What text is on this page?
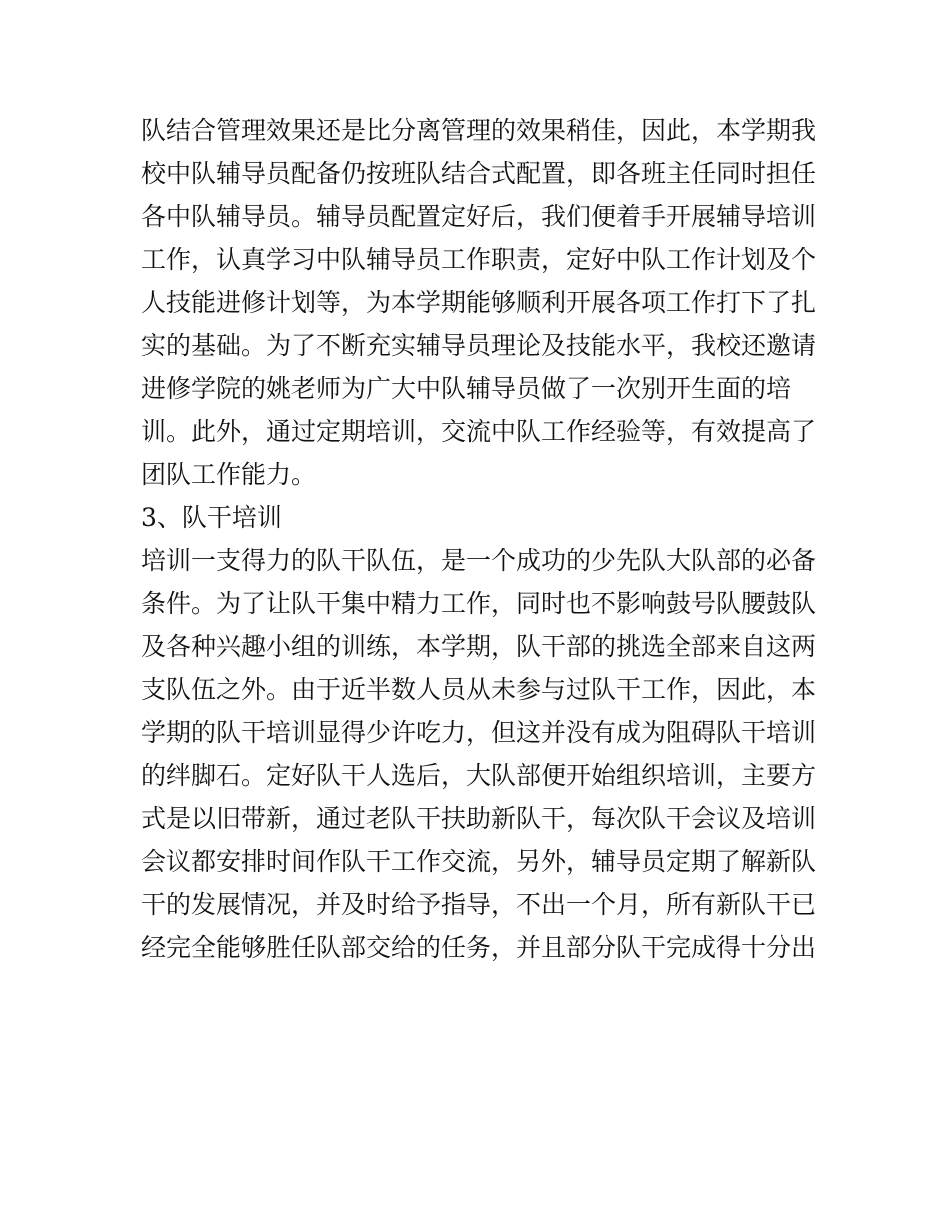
队结合管理效果还是比分离管理的效果稍佳，因此，本学期我
校中队辅导员配备仍按班队结合式配置，即各班主任同时担任
各中队辅导员。辅导员配置定好后，我们便着手开展辅导培训
工作，认真学习中队辅导员工作职责，定好中队工作计划及个
人技能进修计划等，为本学期能够顺利开展各项工作打下了扎
实的基础。为了不断充实辅导员理论及技能水平，我校还邀请
进修学院的姚老师为广大中队辅导员做了一次别开生面的培
训。此外，通过定期培训，交流中队工作经验等，有效提高了
团队工作能力。
3、队干培训
培训一支得力的队干队伍，是一个成功的少先队大队部的必备
条件。为了让队干集中精力工作，同时也不影响鼓号队腰鼓队
及各种兴趣小组的训练，本学期，队干部的挑选全部来自这两
支队伍之外。由于近半数人员从未参与过队干工作，因此，本
学期的队干培训显得少许吃力，但这并没有成为阻碍队干培训
的绊脚石。定好队干人选后，大队部便开始组织培训，主要方
式是以旧带新，通过老队干扶助新队干，每次队干会议及培训
会议都安排时间作队干工作交流，另外，辅导员定期了解新队
干的发展情况，并及时给予指导，不出一个月，所有新队干已
经完全能够胜任队部交给的任务，并且部分队干完成得十分出
